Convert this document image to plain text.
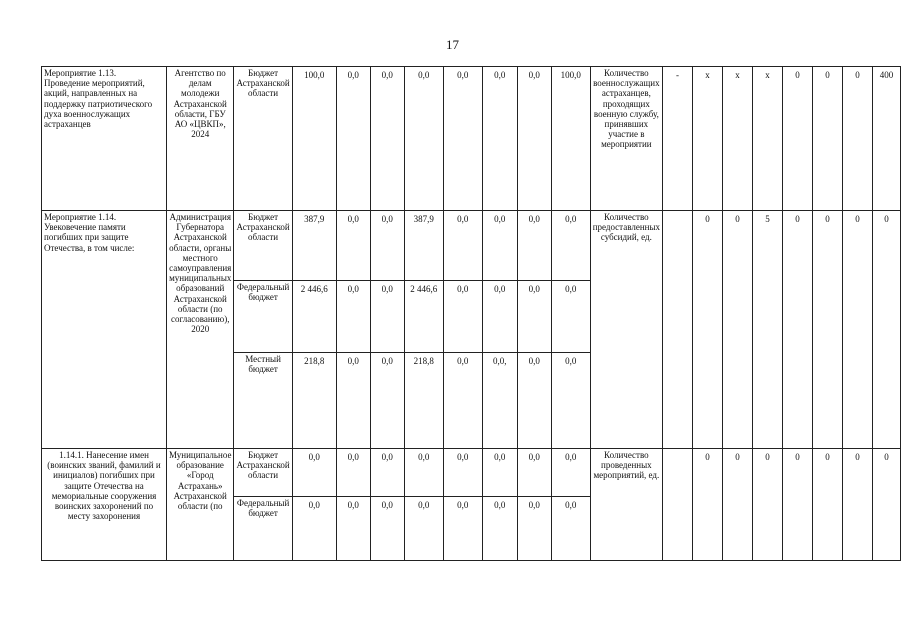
17
Мероприятие 1.13. Проведение мероприятий, акций, направленных на поддержку патриотического духа военнослужащих астраханцев	Агентство по делам молодежи Астраханской области, ГБУ АО «ЦВКП», 2024	Бюджет Астраханской области	100,0	0,0	0,0	0,0	0,0	0,0	0,0	100,0	Количество военнослужащих астраханцев, проходящих военную службу, принявших участие в мероприятии	-	х	х	х	0	0	0	400
Мероприятие 1.14. Увековечение памяти погибших при защите Отечества, в том числе:	Администрация Губернатора Астраханской области, органы местного самоуправления муниципальных образований Астраханской области (по согласованию), 2020	Бюджет Астраханской области	387,9	0,0	0,0	387,9	0,0	0,0	0,0	0,0	Количество предоставленных субсидий, ед.		0	0	5	0	0	0	0
		Федеральный бюджет	2 446,6	0,0	0,0	2 446,6	0,0	0,0	0,0	0,0									
		Местный бюджет	218,8	0,0	0,0	218,8	0,0	0,0,	0,0	0,0									
1.14.1. Нанесение имен (воинских званий, фамилий и инициалов) погибших при защите Отечества на мемориальные сооружения воинских захоронений по месту захоронения	Муниципальное образование «Город Астрахань» Астраханской области (по	Бюджет Астраханской области	0,0	0,0	0,0	0,0	0,0	0,0	0,0	0,0	Количество проведенных мероприятий, ед.		0	0	0	0	0	0	0
		Федеральный бюджет	0,0	0,0	0,0	0,0	0,0	0,0	0,0	0,0									
